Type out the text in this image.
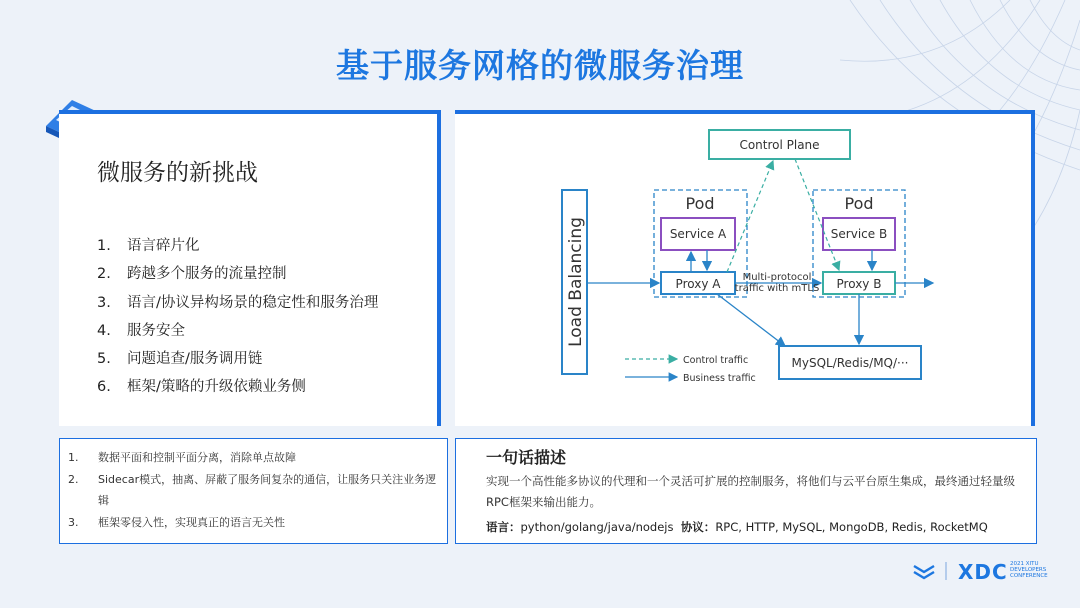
基于服务网格的微服务治理
微服务的新挑战
1. 语言碎片化
2. 跨越多个服务的流量控制
3. 语言/协议异构场景的稳定性和服务治理
4. 服务安全
5. 问题追查/服务调用链
6. 框架/策略的升级依赖业务侧
Control Plane
Load Balancing
Pod
Service A
Proxy A
Pod
Service B
Proxy B
MySQL/Redis/MQ/···
Multi-protocol
traffic with mTLS
Control traffic
Business traffic
1. 数据平面和控制平面分离，消除单点故障
2. Sidecar模式，抽离、屏蔽了服务间复杂的通信，让服务只关注业务逻辑
3. 框架零侵入性，实现真正的语言无关性
一句话描述
实现一个高性能多协议的代理和一个灵活可扩展的控制服务，将他们与云平台原生集成，最终通过轻量级RPC框架来输出能力。
语言：python/golang/java/nodejs 协议：RPC, HTTP, MySQL, MongoDB, Redis, RocketMQ
XDC 2021 XITU
DEVELOPERS
CONFERENCE
